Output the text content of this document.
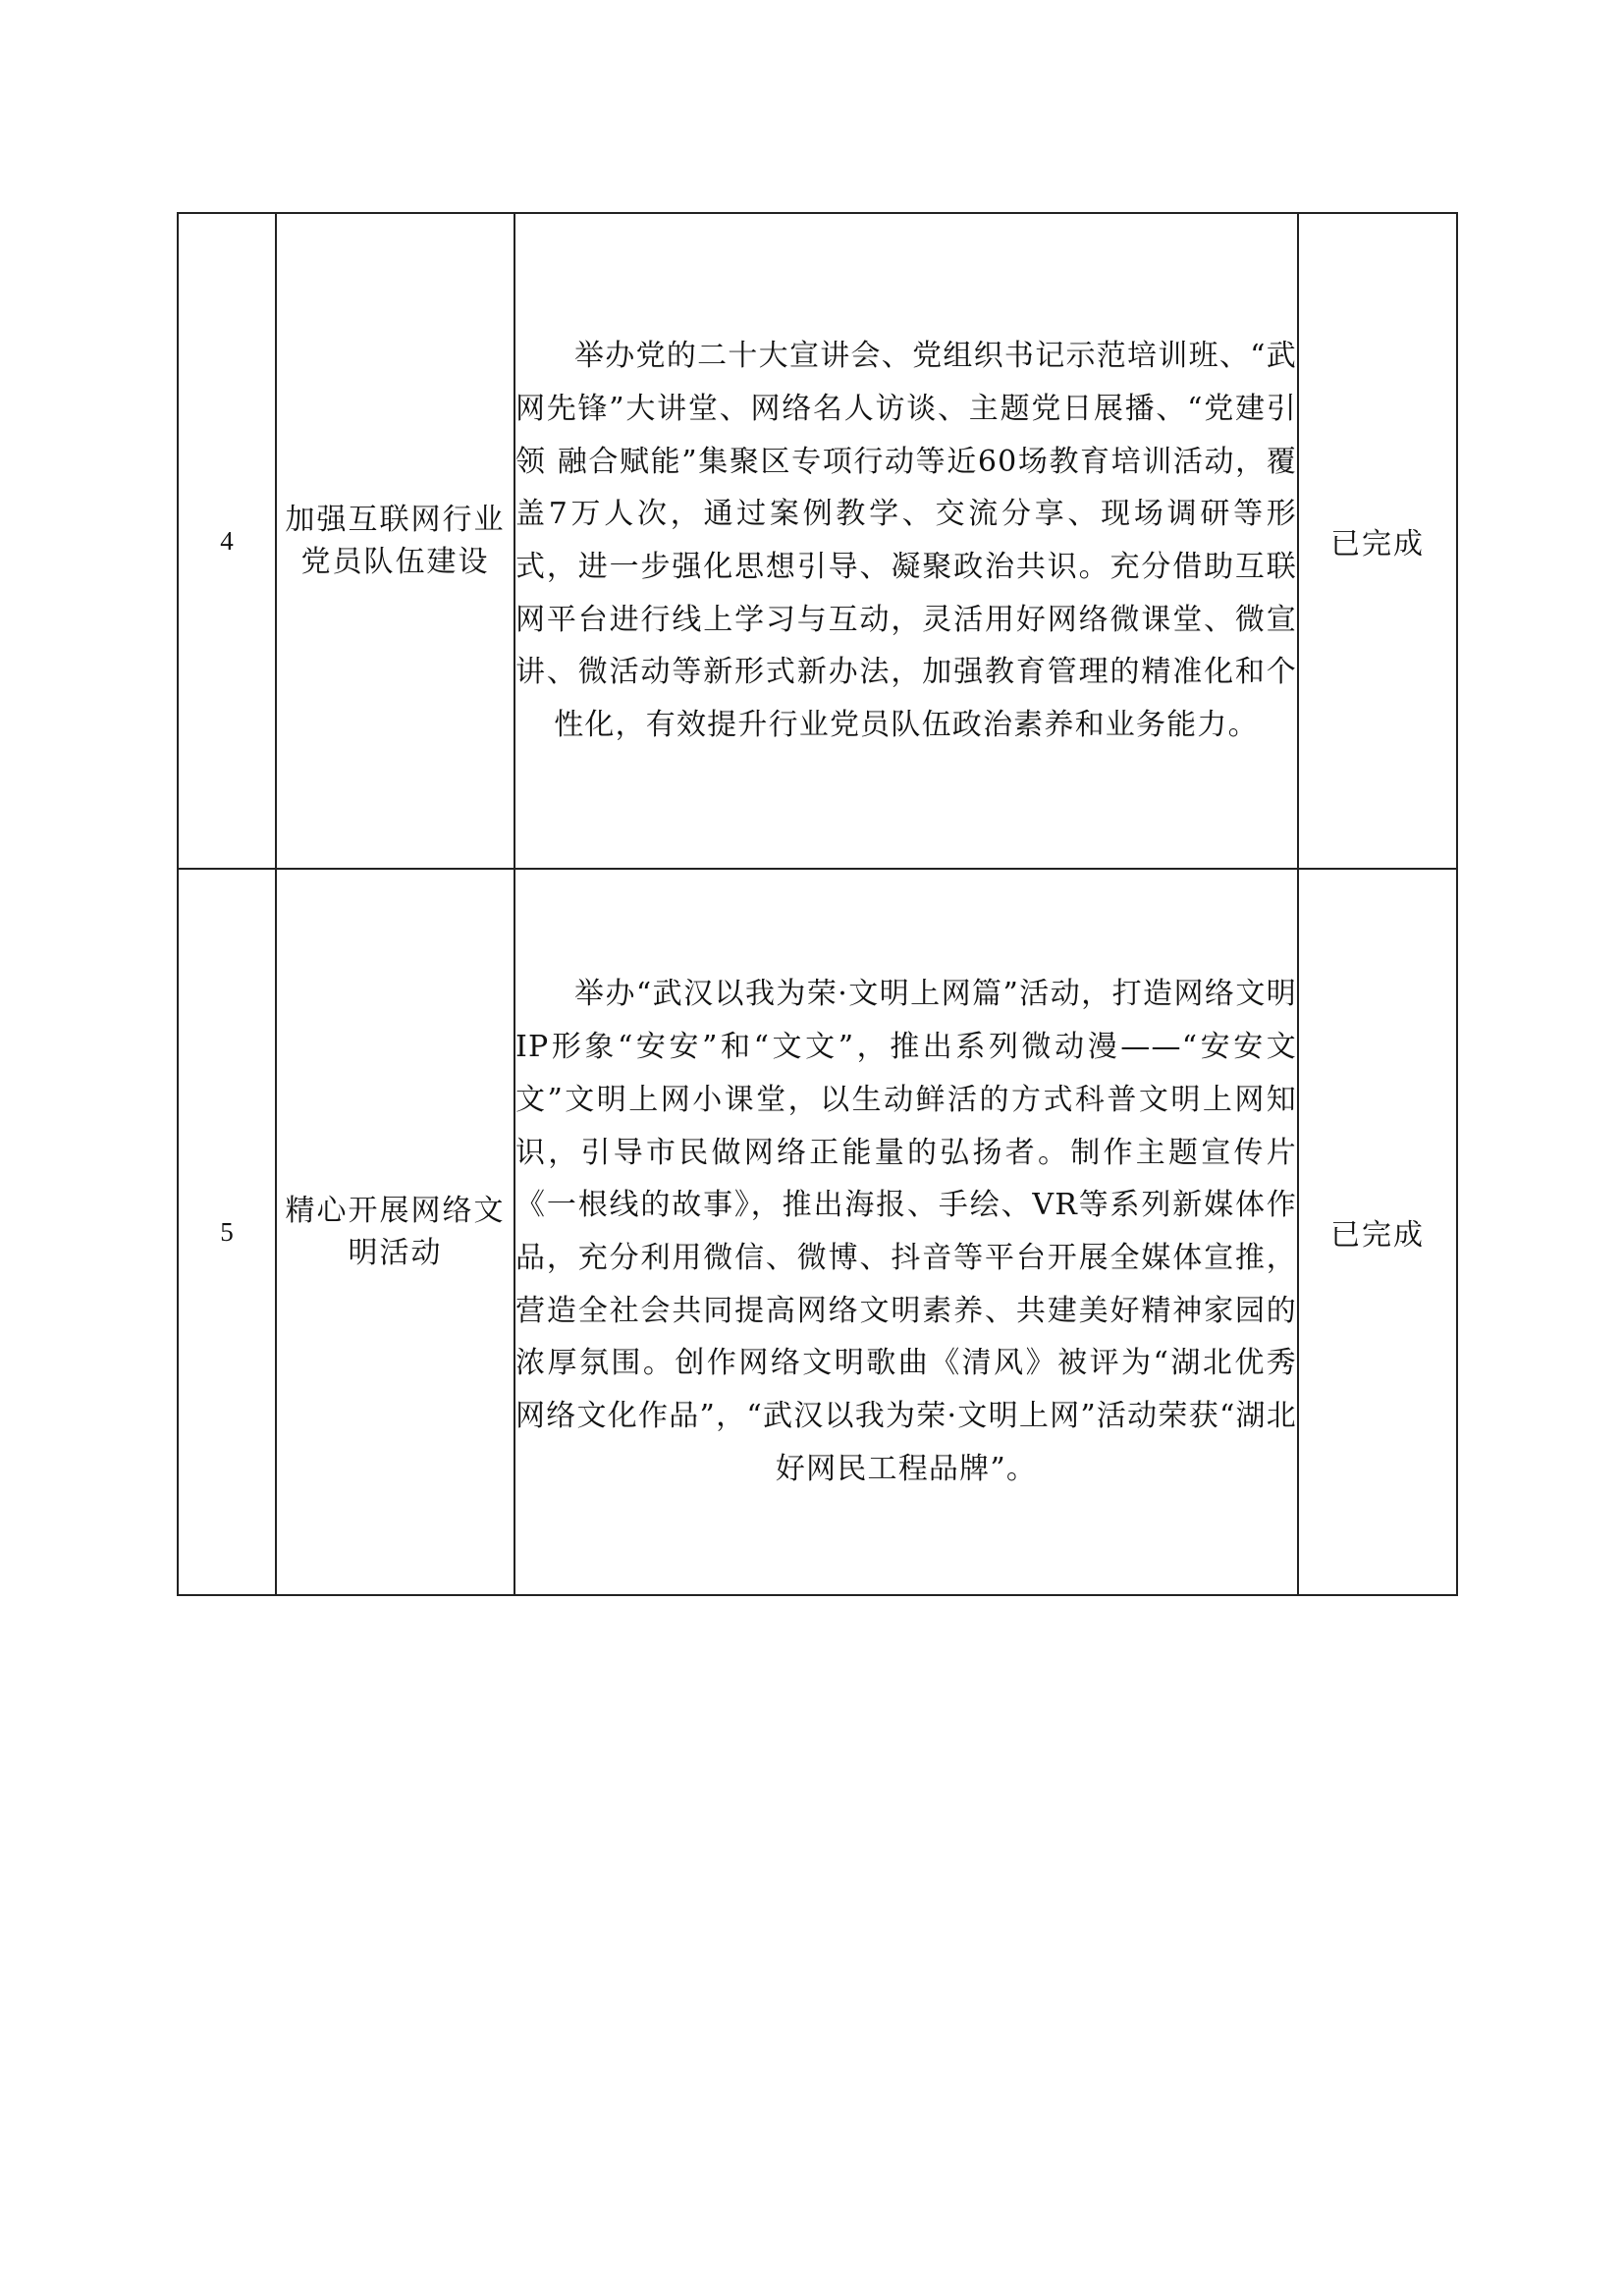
4	加强互联网行业党员队伍建设	举办党的二十大宣讲会、党组织书记示范培训班、“武网先锋”大讲堂、网络名人访谈、主题党日展播、“党建引领 融合赋能”集聚区专项行动等近60场教育培训活动，覆盖7万人次，通过案例教学、交流分享、现场调研等形式，进一步强化思想引导、凝聚政治共识。充分借助互联网平台进行线上学习与互动，灵活用好网络微课堂、微宣讲、微活动等新形式新办法，加强教育管理的精准化和个性化，有效提升行业党员队伍政治素养和业务能力。	已完成
5	精心开展网络文明活动	举办“武汉以我为荣·文明上网篇”活动，打造网络文明IP形象“安安”和“文文”，推出系列微动漫——“安安文文”文明上网小课堂，以生动鲜活的方式科普文明上网知识，引导市民做网络正能量的弘扬者。制作主题宣传片《一根线的故事》，推出海报、手绘、VR等系列新媒体作品，充分利用微信、微博、抖音等平台开展全媒体宣推，营造全社会共同提高网络文明素养、共建美好精神家园的浓厚氛围。创作网络文明歌曲《清风》被评为“湖北优秀网络文化作品”，“武汉以我为荣·文明上网”活动荣获“湖北好网民工程品牌”。	已完成
